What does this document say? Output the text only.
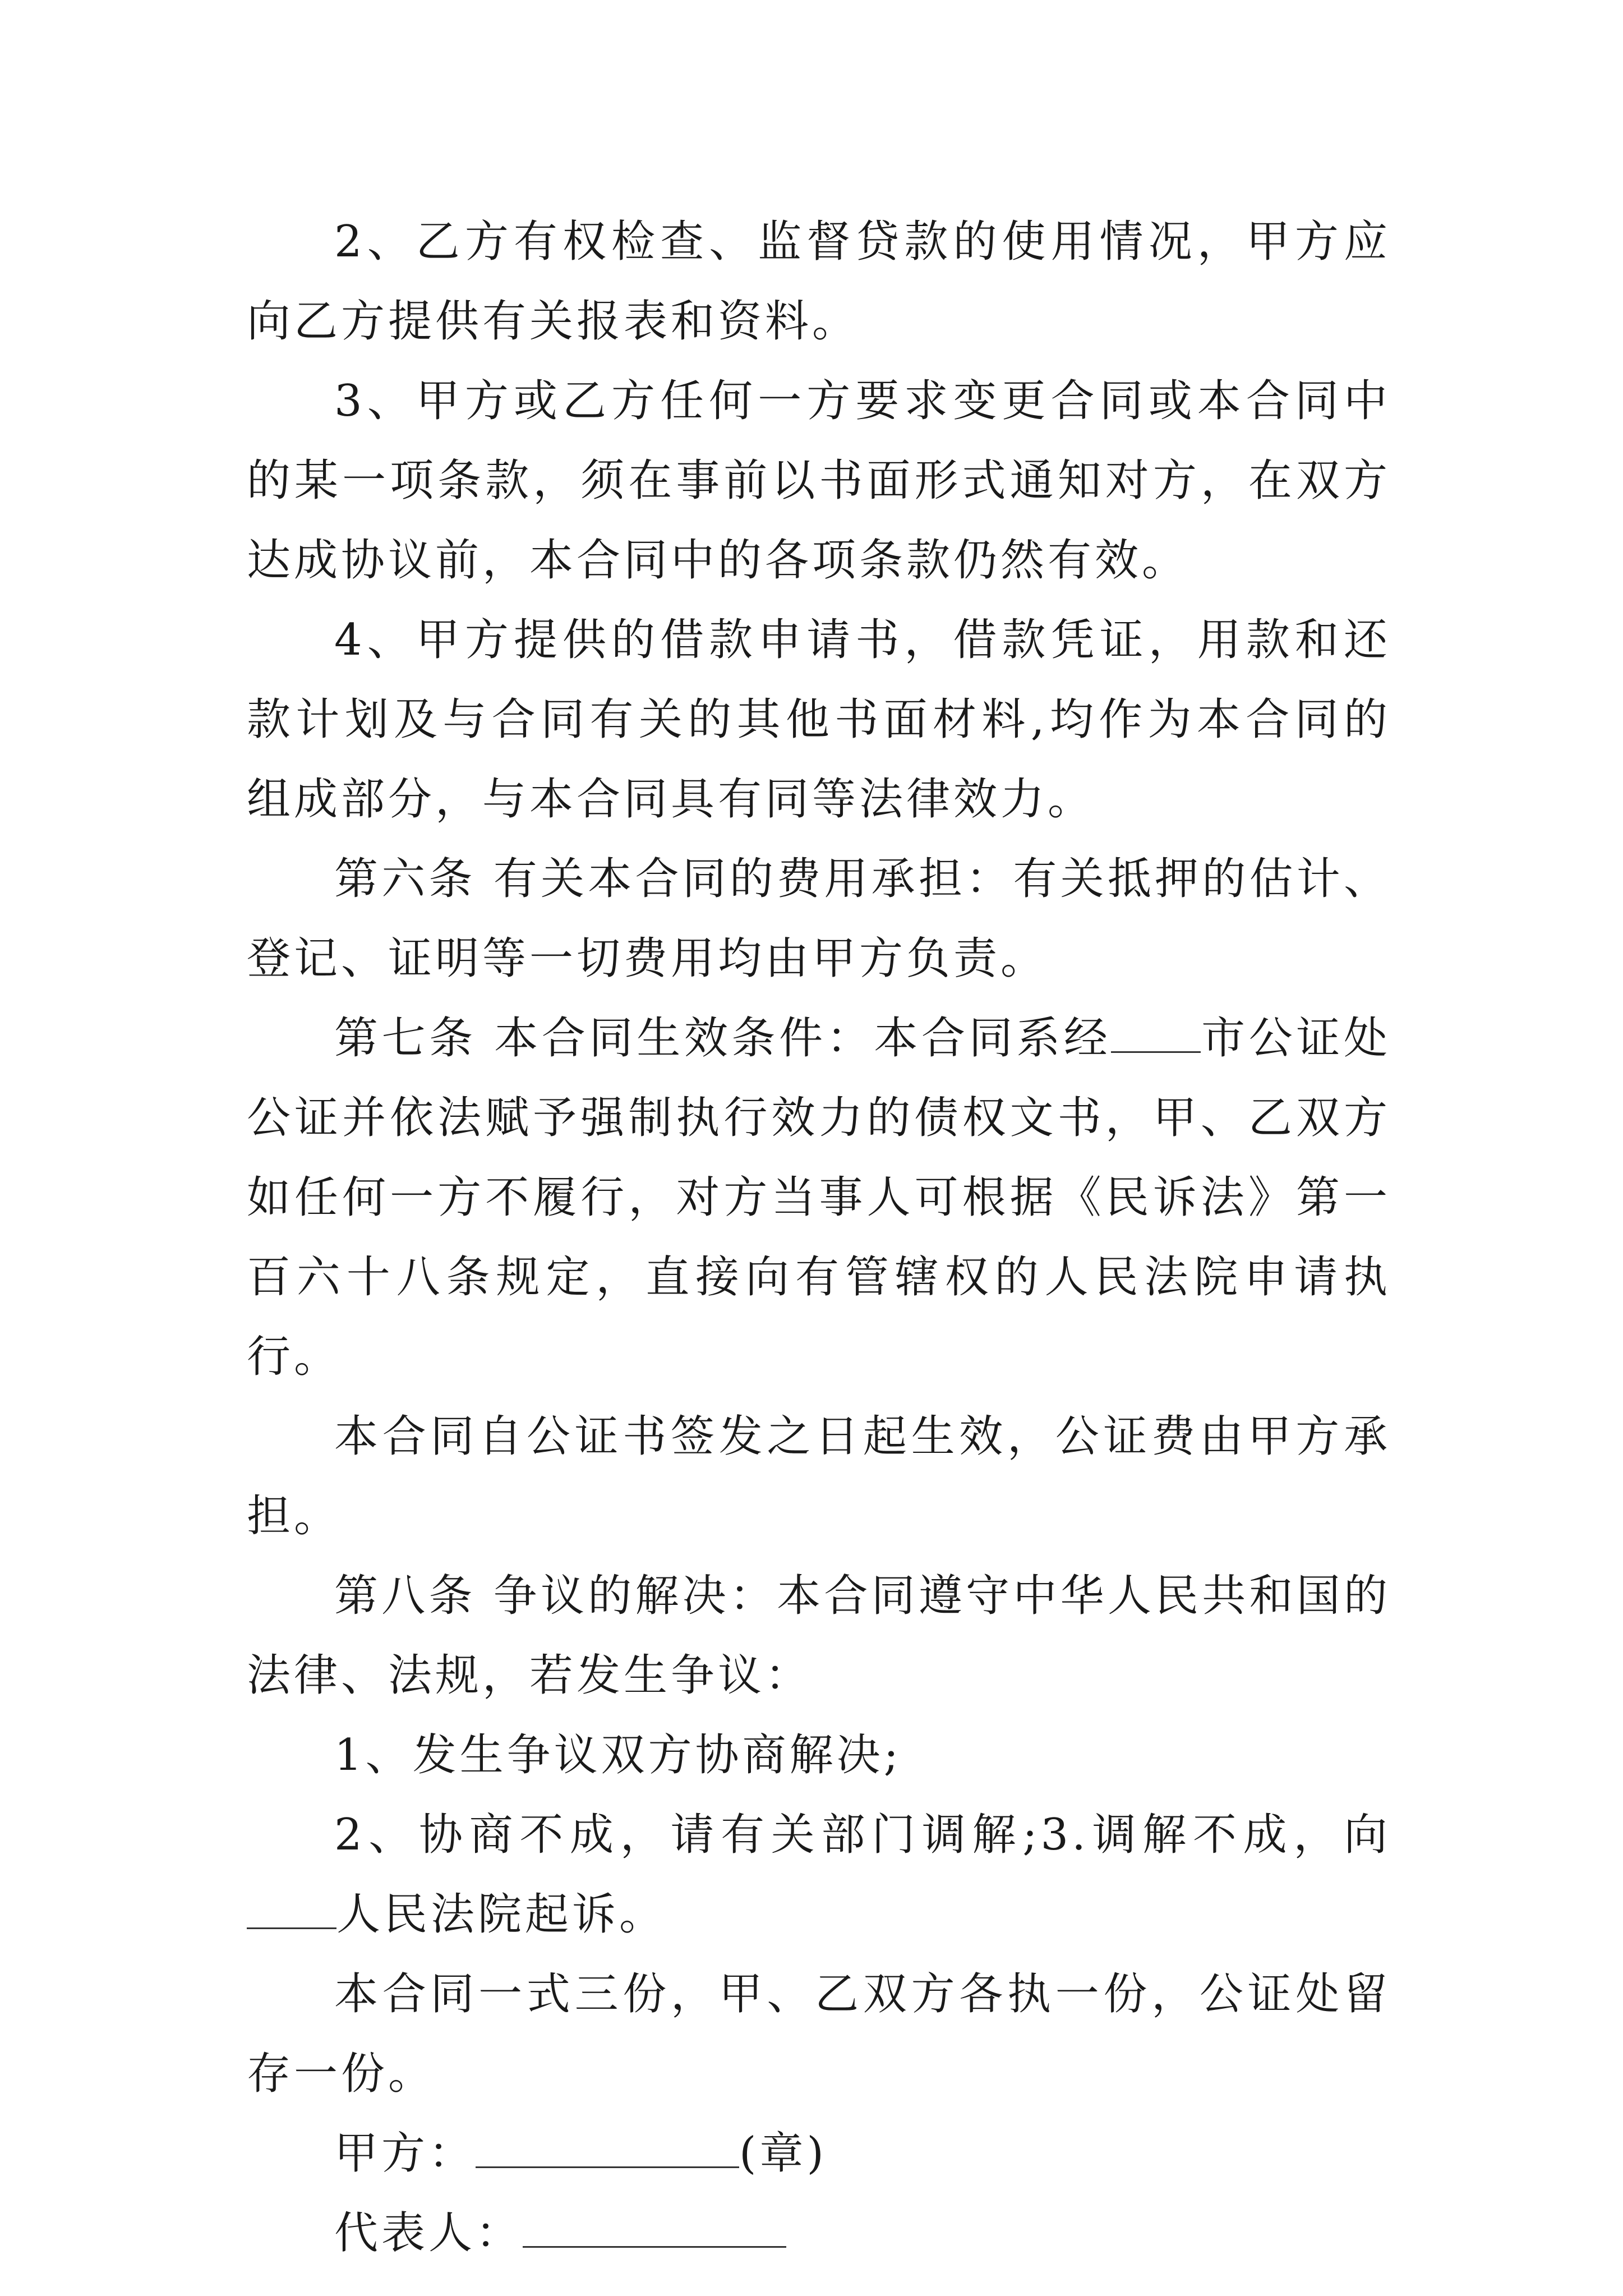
2、乙方有权检查、监督贷款的使用情况，甲方应向乙方提供有关报表和资料。

3、甲方或乙方任何一方要求变更合同或本合同中的某一项条款，须在事前以书面形式通知对方，在双方达成协议前，本合同中的各项条款仍然有效。

4、甲方提供的借款申请书，借款凭证，用款和还款计划及与合同有关的其他书面材料,均作为本合同的组成部分，与本合同具有同等法律效力。

第六条 有关本合同的费用承担：有关抵押的估计、登记、证明等一切费用均由甲方负责。

第七条 本合同生效条件：本合同系经 市公证处公证并依法赋予强制执行效力的债权文书，甲、乙双方如任何一方不履行，对方当事人可根据《民诉法》第一百六十八条规定，直接向有管辖权的人民法院申请执行。

本合同自公证书签发之日起生效，公证费由甲方承担。

第八条 争议的解决：本合同遵守中华人民共和国的法律、法规，若发生争议：

1、发生争议双方协商解决;

2、协商不成，请有关部门调解;3.调解不成，向人民法院起诉。

本合同一式三份，甲、乙双方各执一份，公证处留存一份。

甲方：	(章)

代表人：
